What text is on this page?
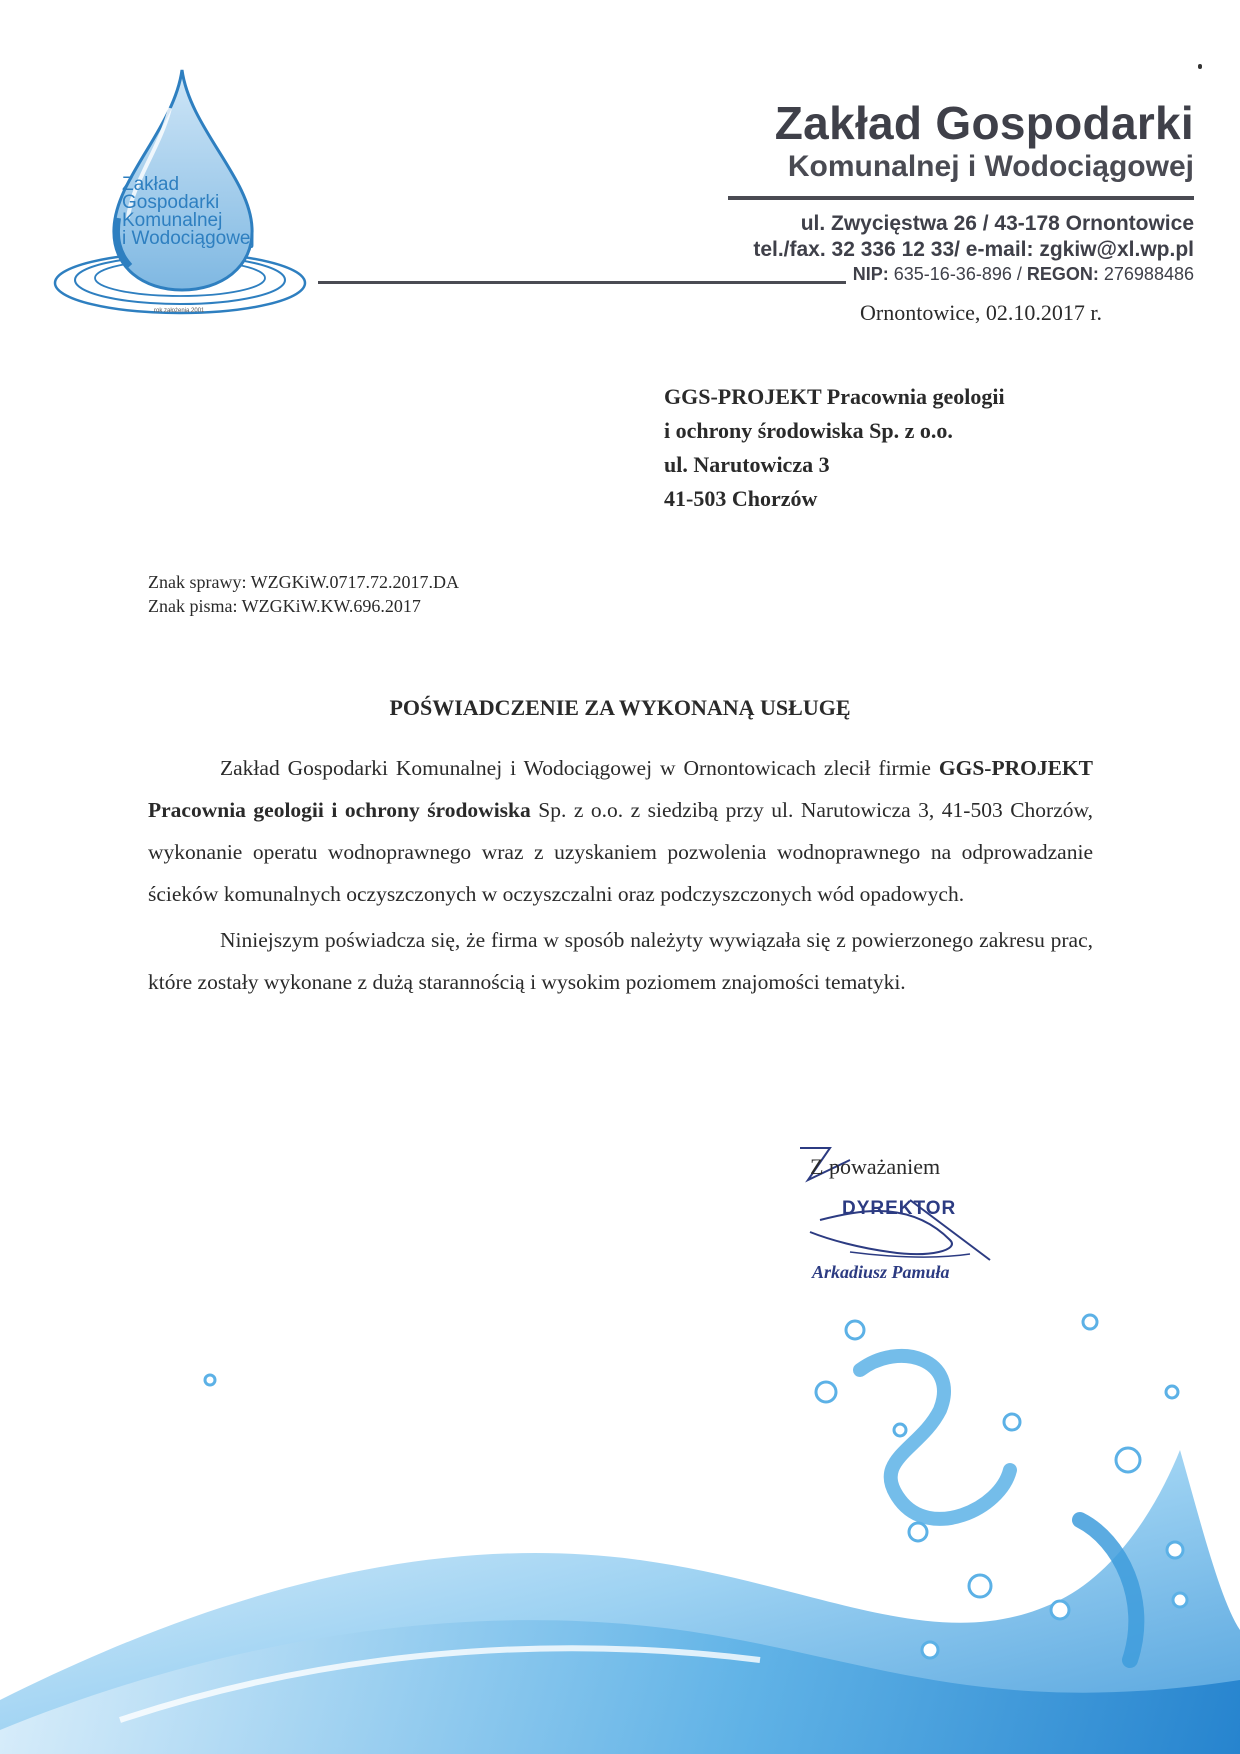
Zakład
Gospodarki
Komunalnej
i Wodociągowej
rok założenia 2001
Zakład Gospodarki
Komunalnej i Wodociągowej
ul. Zwycięstwa 26 / 43-178 Ornontowice
tel./fax. 32 336 12 33/ e-mail: zgkiw@xl.wp.pl
NIP: 635-16-36-896 / REGON: 276988486
Ornontowice, 02.10.2017 r.
GGS-PROJEKT Pracownia geologii
i ochrony środowiska Sp. z o.o.
ul. Narutowicza 3
41-503 Chorzów
Znak sprawy: WZGKiW.0717.72.2017.DA
Znak pisma: WZGKiW.KW.696.2017
POŚWIADCZENIE ZA WYKONANĄ USŁUGĘ

Zakład Gospodarki Komunalnej i Wodociągowej w Ornontowicach zlecił firmie GGS-PROJEKT Pracownia geologii i ochrony środowiska Sp. z o.o. z siedzibą przy ul. Narutowicza 3, 41-503 Chorzów, wykonanie operatu wodnoprawnego wraz z uzyskaniem pozwolenia wodnoprawnego na odprowadzanie ścieków komunalnych oczyszczonych w oczyszczalni oraz podczyszczonych wód opadowych.

Niniejszym poświadcza się, że firma w sposób należyty wywiązała się z powierzonego zakresu prac, które zostały wykonane z dużą starannością i wysokim poziomem znajomości tematyki.

Z poważaniem
DYREKTOR
Arkadiusz Pamuła
